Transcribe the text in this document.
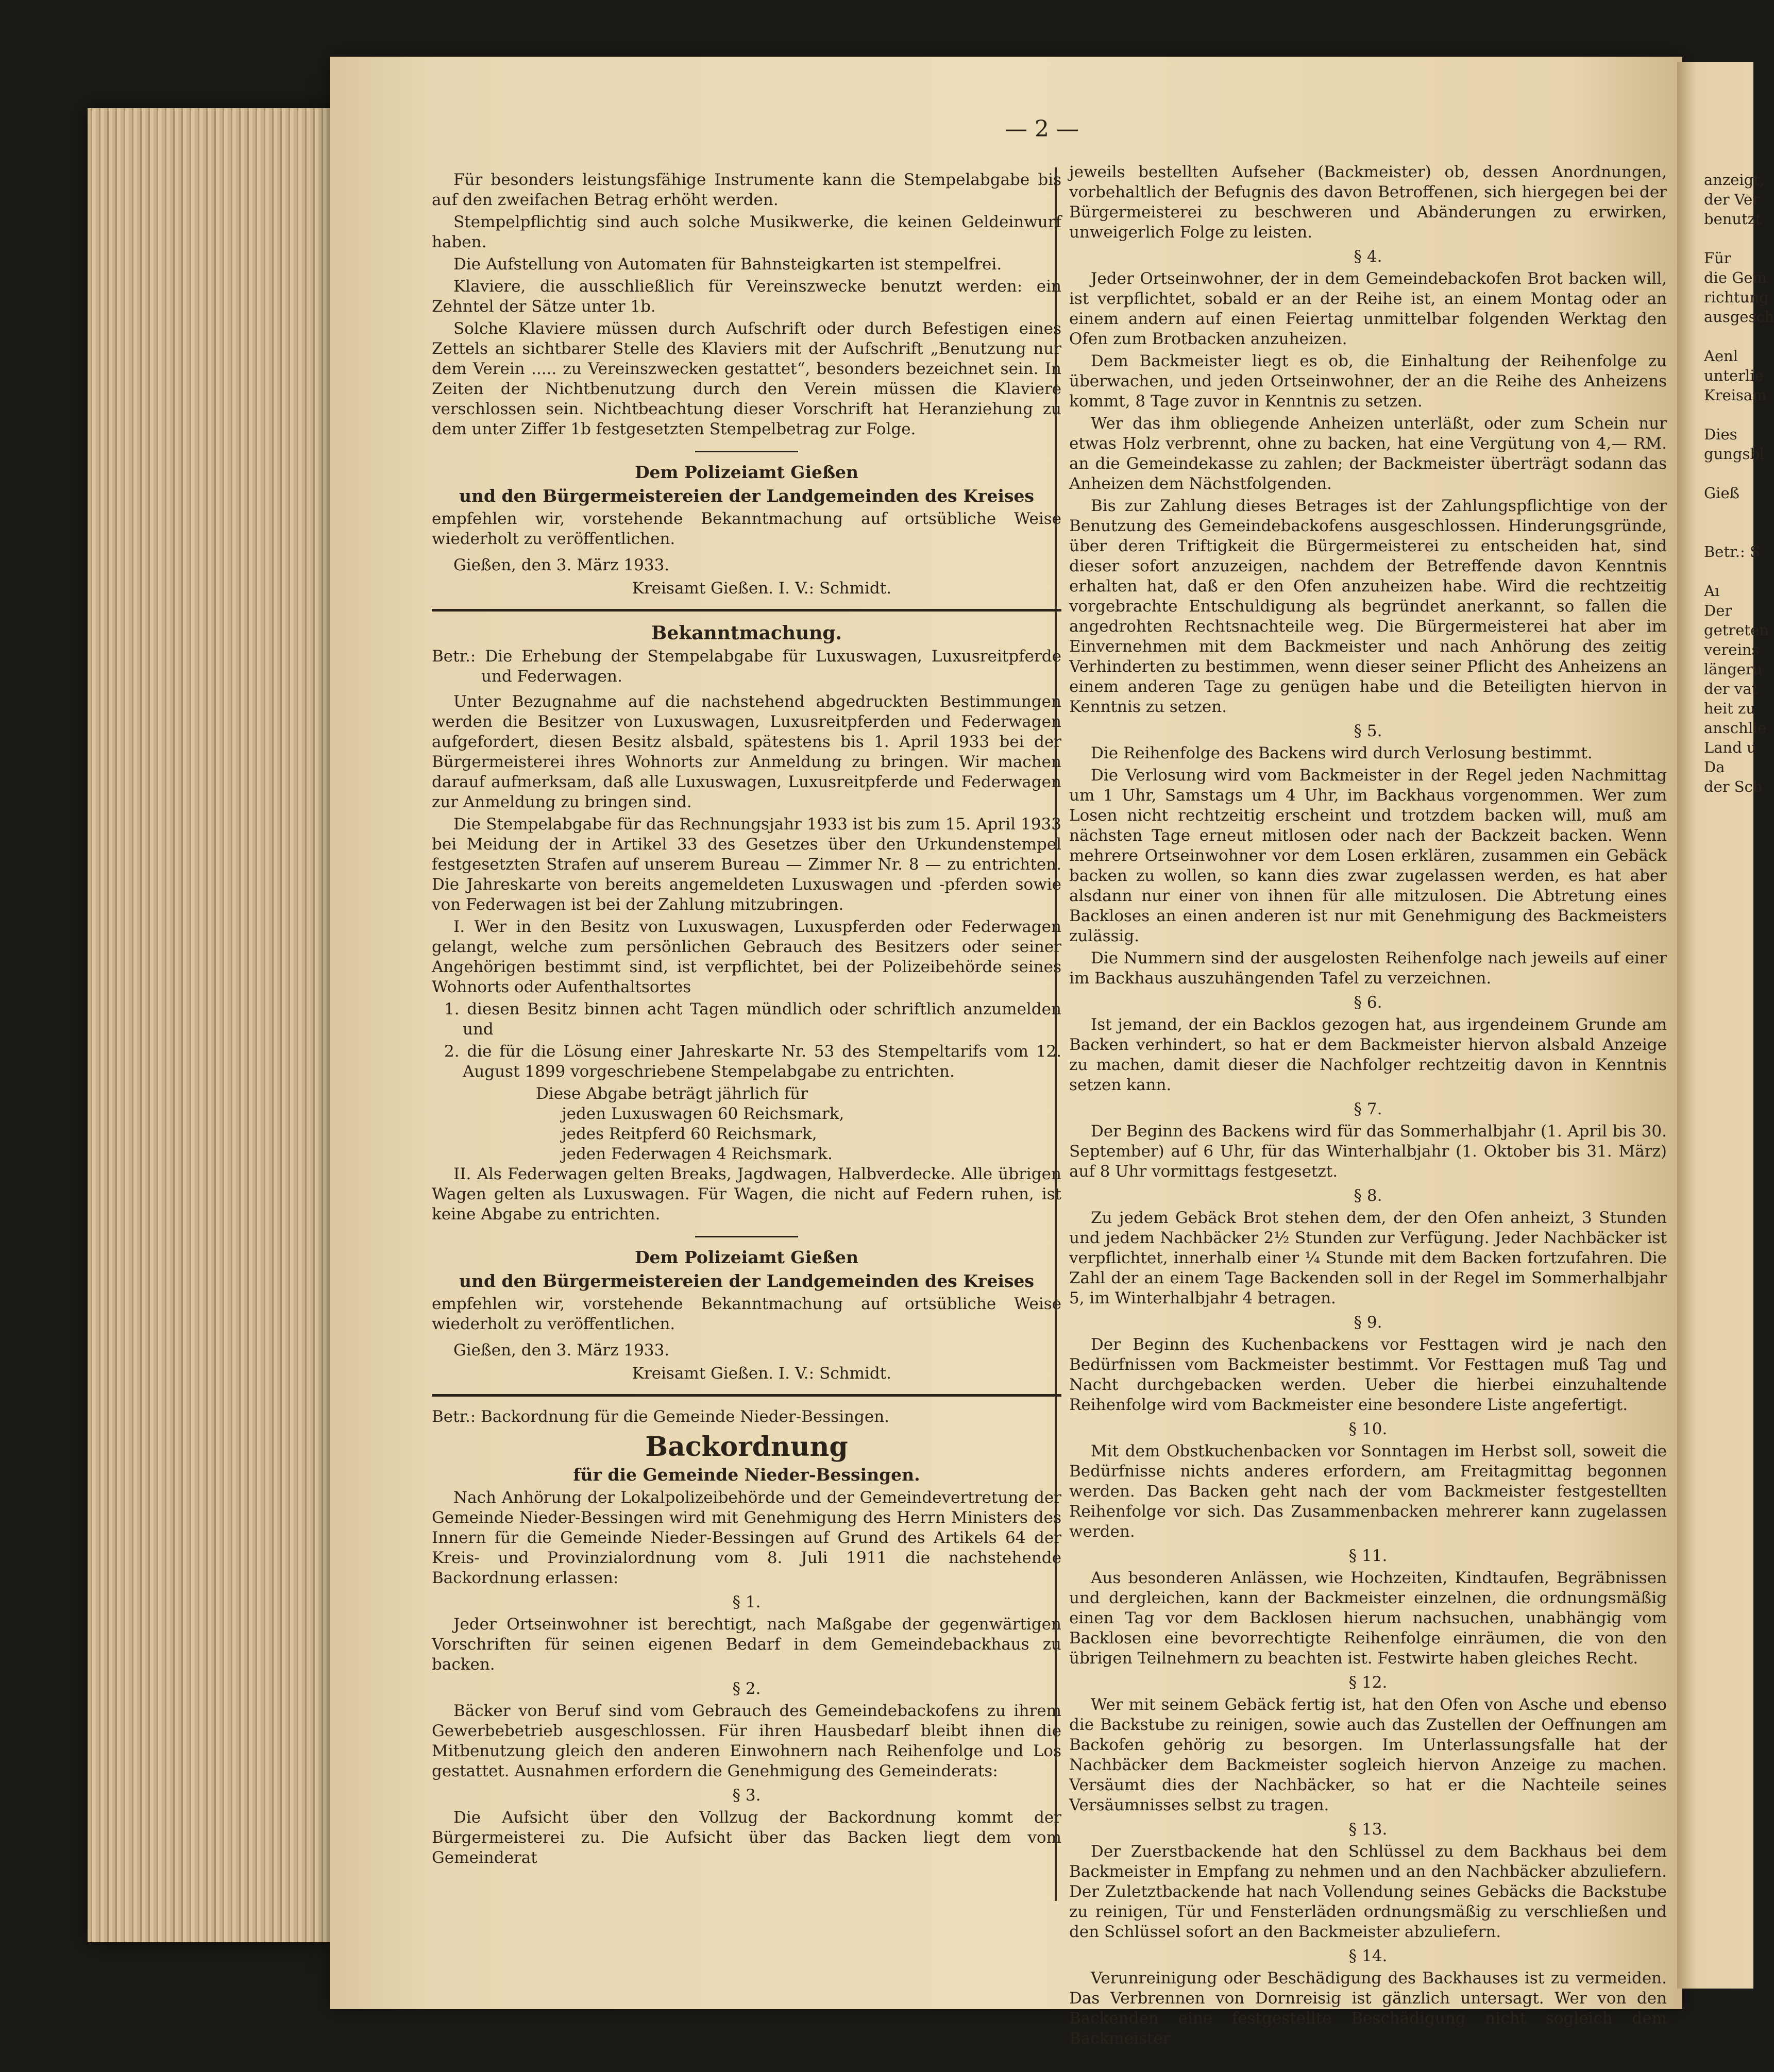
anzeigt,
der Ver
benutzt

Für
die Gem
richtung
ausgesch

Aenl
unterlie
Kreisam

Dies
gungsbl

Gieß

Betr.: S

Aı
Der
getreten
vereins
längeru
der vat
heit zu
anschlie
Land u
Da
der Sch
— 2 —

Für besonders leistungsfähige Instrumente kann die Stempelabgabe bis auf den zweifachen Betrag erhöht werden.

Stempelpflichtig sind auch solche Musikwerke, die keinen Geldeinwurf haben.

Die Aufstellung von Automaten für Bahnsteigkarten ist stempelfrei.

Klaviere, die ausschließlich für Vereinszwecke benutzt werden: ein Zehntel der Sätze unter 1b.

Solche Klaviere müssen durch Aufschrift oder durch Befestigen eines Zettels an sichtbarer Stelle des Klaviers mit der Aufschrift „Benutzung nur dem Verein ..... zu Vereinszwecken gestattet“, besonders bezeichnet sein. In Zeiten der Nichtbenutzung durch den Verein müssen die Klaviere verschlossen sein. Nichtbeachtung dieser Vorschrift hat Heranziehung zu dem unter Ziffer 1b festgesetzten Stempelbetrag zur Folge.

Dem Polizeiamt Gießen
und den Bürgermeistereien der Landgemeinden des Kreises

empfehlen wir, vorstehende Bekanntmachung auf ortsübliche Weise wiederholt zu veröffentlichen.

Gießen, den 3. März 1933.

Kreisamt Gießen. I. V.: Schmidt.
Bekanntmachung.

Betr.: Die Erhebung der Stempelabgabe für Luxuswagen, Luxusreitpferde und Federwagen.

Unter Bezugnahme auf die nachstehend abgedruckten Bestimmungen werden die Besitzer von Luxuswagen, Luxusreitpferden und Federwagen aufgefordert, diesen Besitz alsbald, spätestens bis 1. April 1933 bei der Bürgermeisterei ihres Wohnorts zur Anmeldung zu bringen. Wir machen darauf aufmerksam, daß alle Luxuswagen, Luxusreitpferde und Federwagen zur Anmeldung zu bringen sind.

Die Stempelabgabe für das Rechnungsjahr 1933 ist bis zum 15. April 1933 bei Meidung der in Artikel 33 des Gesetzes über den Urkundenstempel festgesetzten Strafen auf unserem Bureau — Zimmer Nr. 8 — zu entrichten. Die Jahreskarte von bereits angemeldeten Luxuswagen und -pferden sowie von Federwagen ist bei der Zahlung mitzubringen.

I. Wer in den Besitz von Luxuswagen, Luxuspferden oder Federwagen gelangt, welche zum persönlichen Gebrauch des Besitzers oder seiner Angehörigen bestimmt sind, ist verpflichtet, bei der Polizeibehörde seines Wohnorts oder Aufenthaltsortes

1. diesen Besitz binnen acht Tagen mündlich oder schriftlich anzumelden und

2. die für die Lösung einer Jahreskarte Nr. 53 des Stempeltarifs vom 12. August 1899 vorgeschriebene Stempelabgabe zu entrichten.

Diese Abgabe beträgt jährlich für

jeden Luxuswagen 60 Reichsmark,

jedes Reitpferd 60 Reichsmark,

jeden Federwagen 4 Reichsmark.

II. Als Federwagen gelten Breaks, Jagdwagen, Halbverdecke. Alle übrigen Wagen gelten als Luxuswagen. Für Wagen, die nicht auf Federn ruhen, ist keine Abgabe zu entrichten.

Dem Polizeiamt Gießen
und den Bürgermeistereien der Landgemeinden des Kreises

empfehlen wir, vorstehende Bekanntmachung auf ortsübliche Weise wiederholt zu veröffentlichen.

Gießen, den 3. März 1933.

Kreisamt Gießen. I. V.: Schmidt.

Betr.: Backordnung für die Gemeinde Nieder-Bessingen.

Backordnung
für die Gemeinde Nieder-Bessingen.

Nach Anhörung der Lokalpolizeibehörde und der Gemeindevertretung der Gemeinde Nieder-Bessingen wird mit Genehmigung des Herrn Ministers des Innern für die Gemeinde Nieder-Bessingen auf Grund des Artikels 64 der Kreis- und Provinzialordnung vom 8. Juli 1911 die nachstehende Backordnung erlassen:

§ 1.

Jeder Ortseinwohner ist berechtigt, nach Maßgabe der gegenwärtigen Vorschriften für seinen eigenen Bedarf in dem Gemeindebackhaus zu backen.

§ 2.

Bäcker von Beruf sind vom Gebrauch des Gemeindebackofens zu ihrem Gewerbebetrieb ausgeschlossen. Für ihren Hausbedarf bleibt ihnen die Mitbenutzung gleich den anderen Einwohnern nach Reihenfolge und Los gestattet. Ausnahmen erfordern die Genehmigung des Gemeinderats:

§ 3.

Die Aufsicht über den Vollzug der Backordnung kommt der Bürgermeisterei zu. Die Aufsicht über das Backen liegt dem vom Gemeinderat

jeweils bestellten Aufseher (Backmeister) ob, dessen Anordnungen, vorbehaltlich der Befugnis des davon Betroffenen, sich hiergegen bei der Bürgermeisterei zu beschweren und Abänderungen zu erwirken, unweigerlich Folge zu leisten.

§ 4.

Jeder Ortseinwohner, der in dem Gemeindebackofen Brot backen will, ist verpflichtet, sobald er an der Reihe ist, an einem Montag oder an einem andern auf einen Feiertag unmittelbar folgenden Werktag den Ofen zum Brotbacken anzuheizen.

Dem Backmeister liegt es ob, die Einhaltung der Reihenfolge zu überwachen, und jeden Ortseinwohner, der an die Reihe des Anheizens kommt, 8 Tage zuvor in Kenntnis zu setzen.

Wer das ihm obliegende Anheizen unterläßt, oder zum Schein nur etwas Holz verbrennt, ohne zu backen, hat eine Vergütung von 4,— RM. an die Gemeindekasse zu zahlen; der Backmeister überträgt sodann das Anheizen dem Nächstfolgenden.

Bis zur Zahlung dieses Betrages ist der Zahlungspflichtige von der Benutzung des Gemeindebackofens ausgeschlossen. Hinderungsgründe, über deren Triftigkeit die Bürgermeisterei zu entscheiden hat, sind dieser sofort anzuzeigen, nachdem der Betreffende davon Kenntnis erhalten hat, daß er den Ofen anzuheizen habe. Wird die rechtzeitig vorgebrachte Entschuldigung als begründet anerkannt, so fallen die angedrohten Rechtsnachteile weg. Die Bürgermeisterei hat aber im Einvernehmen mit dem Backmeister und nach Anhörung des zeitig Verhinderten zu bestimmen, wenn dieser seiner Pflicht des Anheizens an einem anderen Tage zu genügen habe und die Beteiligten hiervon in Kenntnis zu setzen.

§ 5.

Die Reihenfolge des Backens wird durch Verlosung bestimmt.

Die Verlosung wird vom Backmeister in der Regel jeden Nachmittag um 1 Uhr, Samstags um 4 Uhr, im Backhaus vorgenommen. Wer zum Losen nicht rechtzeitig erscheint und trotzdem backen will, muß am nächsten Tage erneut mitlosen oder nach der Backzeit backen. Wenn mehrere Ortseinwohner vor dem Losen erklären, zusammen ein Gebäck backen zu wollen, so kann dies zwar zugelassen werden, es hat aber alsdann nur einer von ihnen für alle mitzulosen. Die Abtretung eines Backloses an einen anderen ist nur mit Genehmigung des Backmeisters zulässig.

Die Nummern sind der ausgelosten Reihenfolge nach jeweils auf einer im Backhaus auszuhängenden Tafel zu verzeichnen.

§ 6.

Ist jemand, der ein Backlos gezogen hat, aus irgendeinem Grunde am Backen verhindert, so hat er dem Backmeister hiervon alsbald Anzeige zu machen, damit dieser die Nachfolger rechtzeitig davon in Kenntnis setzen kann.

§ 7.

Der Beginn des Backens wird für das Sommerhalbjahr (1. April bis 30. September) auf 6 Uhr, für das Winterhalbjahr (1. Oktober bis 31. März) auf 8 Uhr vormittags festgesetzt.

§ 8.

Zu jedem Gebäck Brot stehen dem, der den Ofen anheizt, 3 Stunden und jedem Nachbäcker 2½ Stunden zur Verfügung. Jeder Nachbäcker ist verpflichtet, innerhalb einer ¼ Stunde mit dem Backen fortzufahren. Die Zahl der an einem Tage Backenden soll in der Regel im Sommerhalbjahr 5, im Winterhalbjahr 4 betragen.

§ 9.

Der Beginn des Kuchenbackens vor Festtagen wird je nach den Bedürfnissen vom Backmeister bestimmt. Vor Festtagen muß Tag und Nacht durchgebacken werden. Ueber die hierbei einzuhaltende Reihenfolge wird vom Backmeister eine besondere Liste angefertigt.

§ 10.

Mit dem Obstkuchenbacken vor Sonntagen im Herbst soll, soweit die Bedürfnisse nichts anderes erfordern, am Freitagmittag begonnen werden. Das Backen geht nach der vom Backmeister festgestellten Reihenfolge vor sich. Das Zusammenbacken mehrerer kann zugelassen werden.

§ 11.

Aus besonderen Anlässen, wie Hochzeiten, Kindtaufen, Begräbnissen und dergleichen, kann der Backmeister einzelnen, die ordnungsmäßig einen Tag vor dem Backlosen hierum nachsuchen, unabhängig vom Backlosen eine bevorrechtigte Reihenfolge einräumen, die von den übrigen Teilnehmern zu beachten ist. Festwirte haben gleiches Recht.

§ 12.

Wer mit seinem Gebäck fertig ist, hat den Ofen von Asche und ebenso die Backstube zu reinigen, sowie auch das Zustellen der Oeffnungen am Backofen gehörig zu besorgen. Im Unterlassungsfalle hat der Nachbäcker dem Backmeister sogleich hiervon Anzeige zu machen. Versäumt dies der Nachbäcker, so hat er die Nachteile seines Versäumnisses selbst zu tragen.

§ 13.

Der Zuerstbackende hat den Schlüssel zu dem Backhaus bei dem Backmeister in Empfang zu nehmen und an den Nachbäcker abzuliefern. Der Zuletztbackende hat nach Vollendung seines Gebäcks die Backstube zu reinigen, Tür und Fensterläden ordnungsmäßig zu verschließen und den Schlüssel sofort an den Backmeister abzuliefern.

§ 14.

Verunreinigung oder Beschädigung des Backhauses ist zu vermeiden. Das Verbrennen von Dornreisig ist gänzlich untersagt. Wer von den Backenden eine festgestellte Beschädigung nicht sogleich dem Backmeister
